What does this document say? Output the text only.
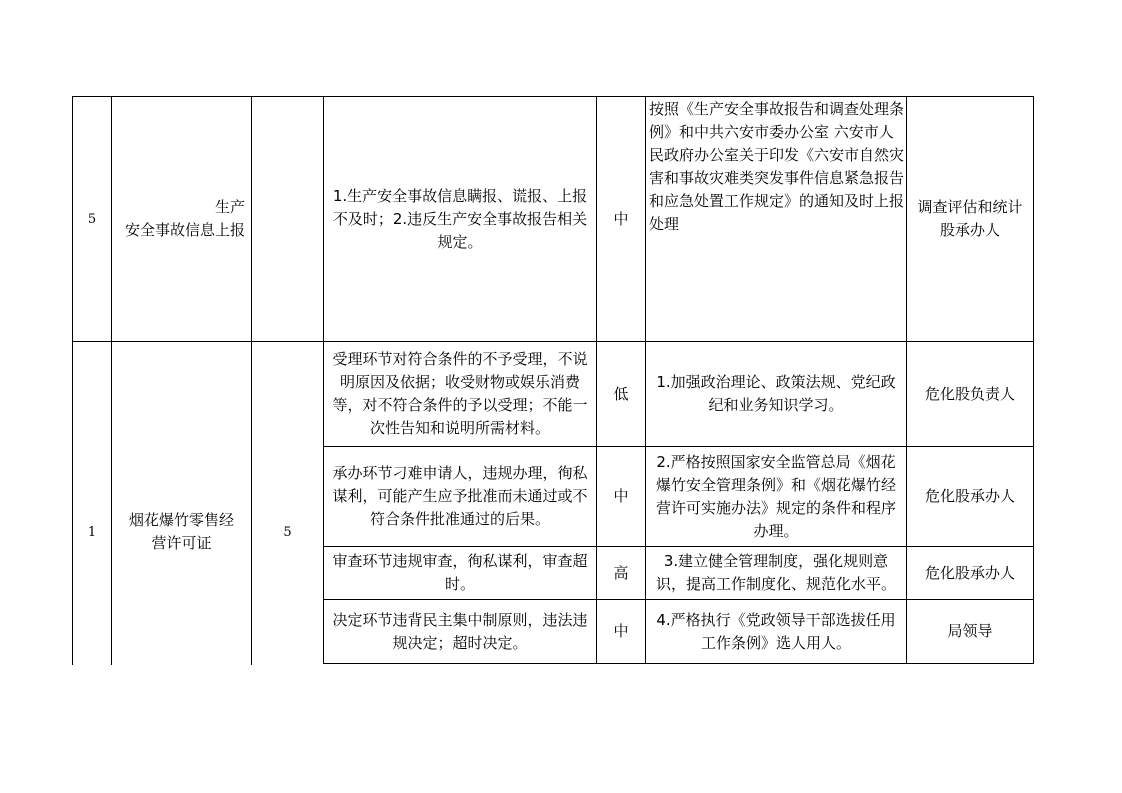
5
生产
安全事故信息上报
1.生产安全事故信息瞒报、谎报、上报不及时；2.违反生产安全事故报告相关规定。
中
按照《生产安全事故报告和调查处理条例》和中共六安市委办公室 六安市人民政府办公室关于印发《六安市自然灾害和事故灾难类突发事件信息紧急报告和应急处置工作规定》的通知及时上报处理
调查评估和统计股承办人
1
烟花爆竹零售经营许可证
5
受理环节对符合条件的不予受理，不说明原因及依据；收受财物或娱乐消费等，对不符合条件的予以受理；不能一次性告知和说明所需材料。
低
1.加强政治理论、政策法规、党纪政纪和业务知识学习。
危化股负责人
承办环节刁难申请人，违规办理，徇私谋利，可能产生应予批准而未通过或不符合条件批准通过的后果。
中
2.严格按照国家安全监管总局《烟花爆竹安全管理条例》和《烟花爆竹经营许可实施办法》规定的条件和程序办理。
危化股承办人
审查环节违规审查，徇私谋利，审查超时。
高
3.建立健全管理制度，强化规则意识，提高工作制度化、规范化水平。
危化股承办人
决定环节违背民主集中制原则，违法违规决定；超时决定。
中
4.严格执行《党政领导干部选拔任用工作条例》选人用人。
局领导
